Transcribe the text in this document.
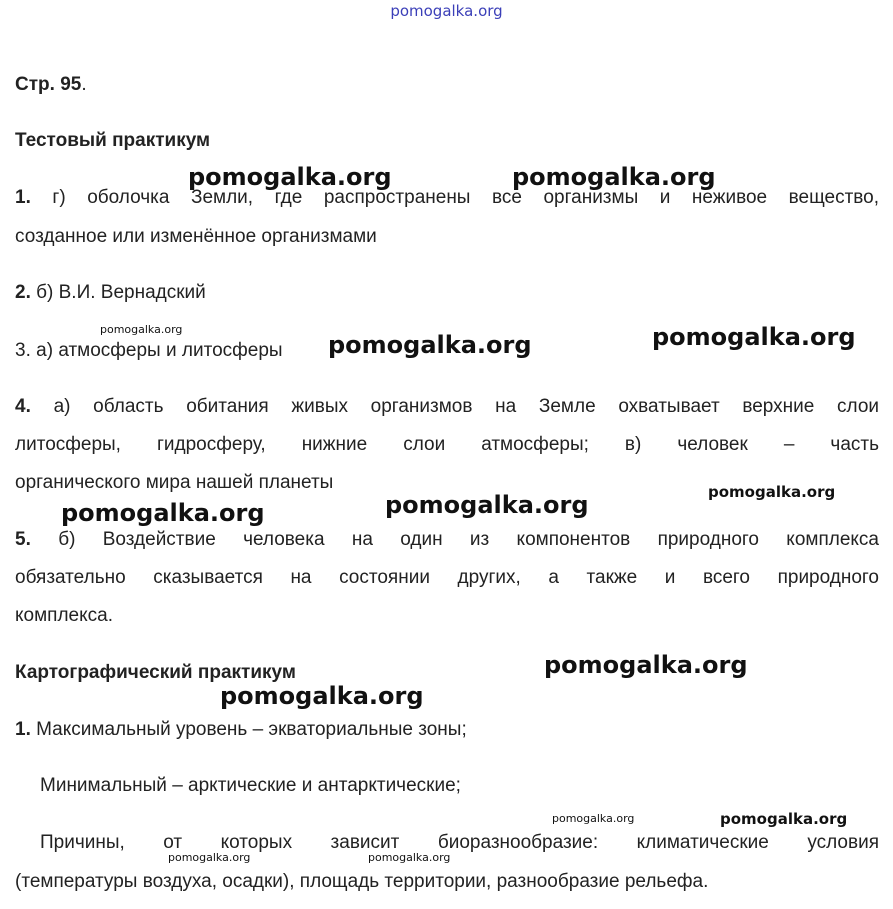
pomogalka.org
Стр. 95.
Тестовый практикум
1. г) оболочка Земли, где распространены все организмы и неживое вещество,
созданное или изменённое организмами
2. б) В.И. Вернадский
3. а) атмосферы и литосферы
4. а) область обитания живых организмов на Земле охватывает верхние слои
литосферы, гидросферу, нижние слои атмосферы; в) человек – часть
органического мира нашей планеты
5. б) Воздействие человека на один из компонентов природного комплекса
обязательно сказывается на состоянии других, а также и всего природного
комплекса.
Картографический практикум
1. Максимальный уровень – экваториальные зоны;
Минимальный – арктические и антарктические;
Причины, от которых зависит биоразнообразие: климатические условия
(температуры воздуха, осадки), площадь территории, разнообразие рельефа.
pomogalka.org	pomogalka.org
pomogalka.org
pomogalka.org	pomogalka.org
pomogalka.org	pomogalka.org
pomogalka.org
pomogalka.org
pomogalka.org
pomogalka.org	pomogalka.org
pomogalka.org	pomogalka.org
